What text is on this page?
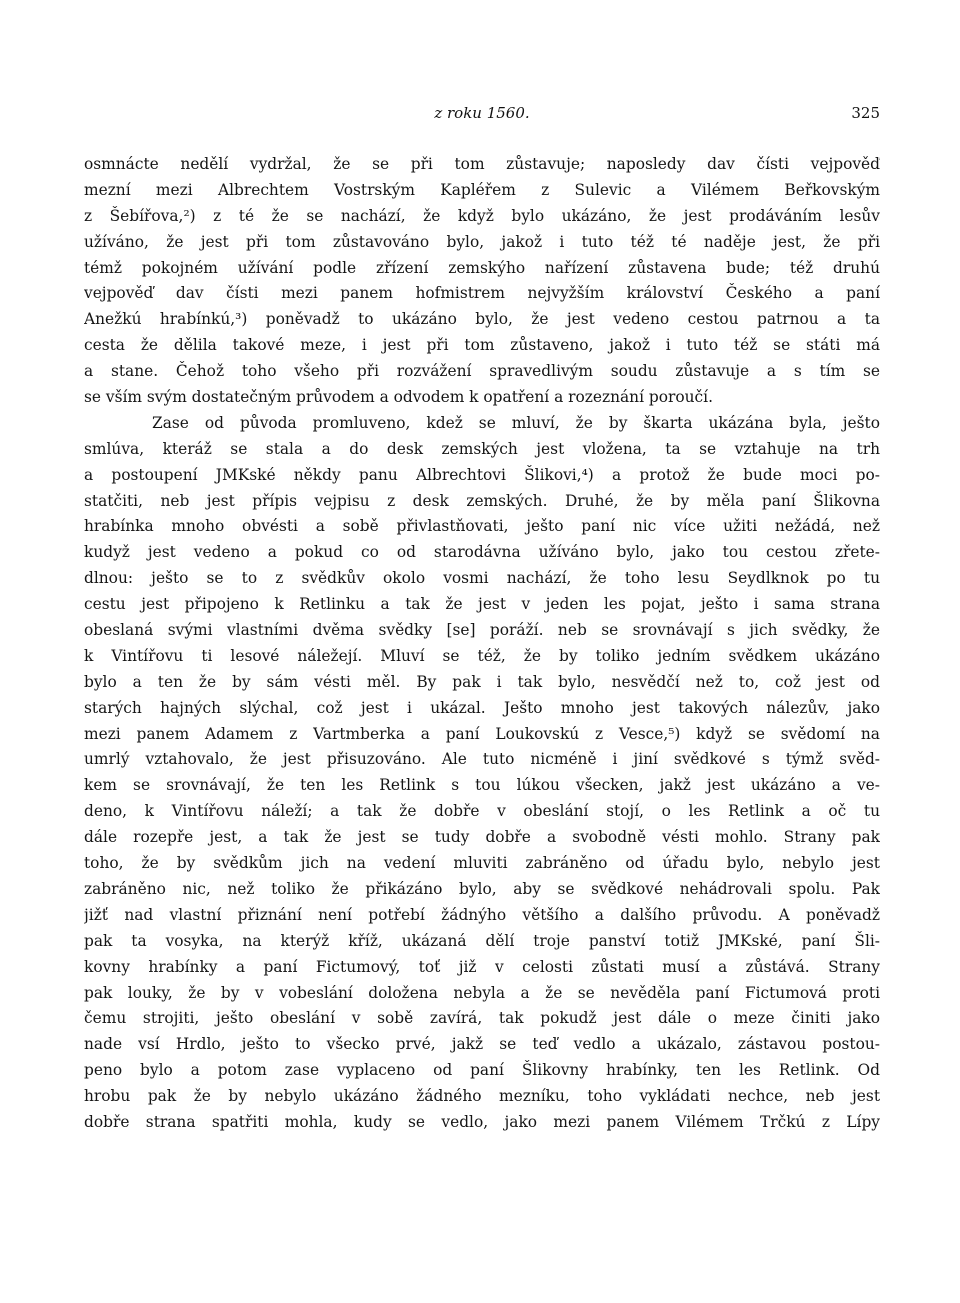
z roku 1560.	325
osmnácte nedělí vydržal, že se při tom zůstavuje; naposledy dav čísti vejpověď
mezní mezi Albrechtem Vostrským Kapléřem z Sulevic a Vilémem Beřkovským
z Šebířova,²) z té že se nachází, že když bylo ukázáno, že jest prodáváním lesův
užíváno, že jest při tom zůstavováno bylo, jakož i tuto též té naděje jest, že při
témž pokojném užívání podle zřízení zemskýho nařízení zůstavena bude; též druhú
vejpověď dav čísti mezi panem hofmistrem nejvyžším království Českého a paní
Anežkú hrabínkú,³) poněvadž to ukázáno bylo, že jest vedeno cestou patrnou a ta
cesta že dělila takové meze, i jest při tom zůstaveno, jakož i tuto též se státi má
a stane. Čehož toho všeho při rozvážení spravedlivým soudu zůstavuje a s tím se
se vším svým dostatečným průvodem a odvodem k opatření a rozeznání poroučí.
Zase od původa promluveno, kdež se mluví, že by škarta ukázána byla, ješto
smlúva, kteráž se stala a do desk zemských jest vložena, ta se vztahuje na trh
a postoupení JMKské někdy panu Albrechtovi Šlikovi,⁴) a protož že bude moci po-
statčiti, neb jest přípis vejpisu z desk zemských. Druhé, že by měla paní Šlikovna
hrabínka mnoho obvésti a sobě přivlastňovati, ješto paní nic více užiti nežádá, než
kudyž jest vedeno a pokud co od starodávna užíváno bylo, jako tou cestou zřete-
dlnou: ješto se to z svědkův okolo vosmi nachází, že toho lesu Seydlknok po tu
cestu jest připojeno k Retlinku a tak že jest v jeden les pojat, ješto i sama strana
obeslaná svými vlastními dvěma svědky [se] poráží. neb se srovnávají s jich svědky, že
k Vintířovu ti lesové náležejí. Mluví se též, že by toliko jedním svědkem ukázáno
bylo a ten že by sám vésti měl. By pak i tak bylo, nesvědčí než to, což jest od
starých hajných slýchal, což jest i ukázal. Ješto mnoho jest takových nálezův, jako
mezi panem Adamem z Vartmberka a paní Loukovskú z Vesce,⁵) když se svědomí na
umrlý vztahovalo, že jest přisuzováno. Ale tuto nicméně i jiní svědkové s týmž svěd-
kem se srovnávají, že ten les Retlink s tou lúkou všecken, jakž jest ukázáno a ve-
deno, k Vintířovu náleží; a tak že dobře v obeslání stojí, o les Retlink a oč tu
dále rozepře jest, a tak že jest se tudy dobře a svobodně vésti mohlo. Strany pak
toho, že by svědkům jich na vedení mluviti zabráněno od úřadu bylo, nebylo jest
zabráněno nic, než toliko že přikázáno bylo, aby se svědkové nehádrovali spolu. Pak
jižť nad vlastní přiznání není potřebí žádnýho většího a dalšího průvodu. A poněvadž
pak ta vosyka, na kterýž kříž, ukázaná dělí troje panství totiž JMKské, paní Šli-
kovny hrabínky a paní Fictumový, toť již v celosti zůstati musí a zůstává. Strany
pak louky, že by v vobeslání doložena nebyla a že se nevěděla paní Fictumová proti
čemu strojiti, ješto obeslání v sobě zavírá, tak pokudž jest dále o meze činiti jako
nade vsí Hrdlo, ješto to všecko prvé, jakž se teď vedlo a ukázalo, zástavou postou-
peno bylo a potom zase vyplaceno od paní Šlikovny hrabínky, ten les Retlink. Od
hrobu pak že by nebylo ukázáno žádného mezníku, toho vykládati nechce, neb jest
dobře strana spatřiti mohla, kudy se vedlo, jako mezi panem Vilémem Trčkú z Lípy
